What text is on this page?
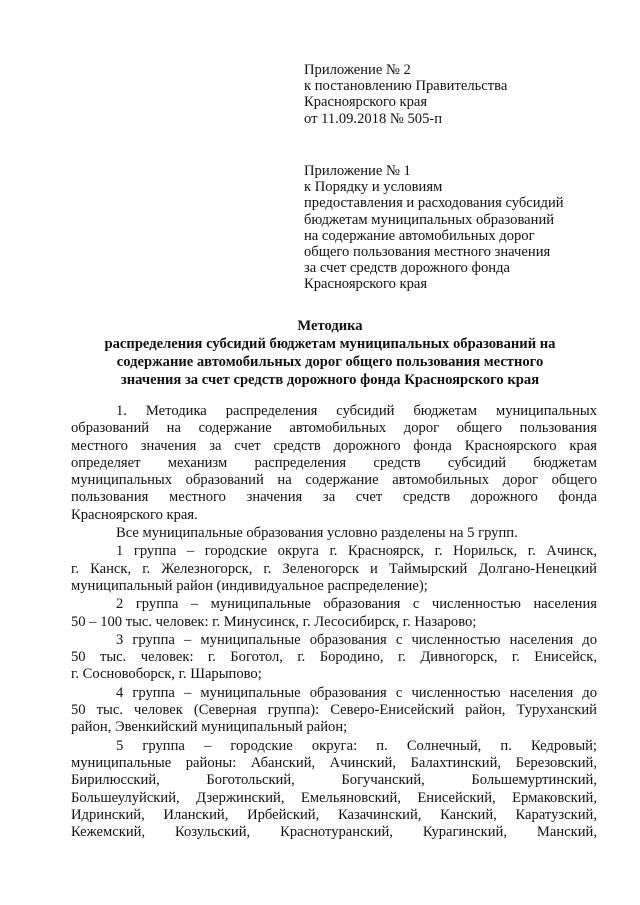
Приложение № 2
к постановлению Правительства
Красноярского края
от 11.09.2018 № 505-п
Приложение № 1
к Порядку и условиям
предоставления и расходования субсидий
бюджетам муниципальных образований
на содержание автомобильных дорог
общего пользования местного значения
за счет средств дорожного фонда
Красноярского края
Методика
распределения субсидий бюджетам муниципальных образований на
содержание автомобильных дорог общего пользования местного
значения за счет средств дорожного фонда Красноярского края
1. Методика распределения субсидий бюджетам муниципальных
образований на содержание автомобильных дорог общего пользования
местного значения за счет средств дорожного фонда Красноярского края
определяет механизм распределения средств субсидий бюджетам
муниципальных образований на содержание автомобильных дорог общего
пользования местного значения за счет средств дорожного фонда
Красноярского края.
Все муниципальные образования условно разделены на 5 групп.
1 группа – городские округа г. Красноярск, г. Норильск, г. Ачинск,
г. Канск, г. Железногорск, г. Зеленогорск и Таймырский Долгано-Ненецкий
муниципальный район (индивидуальное распределение);
2 группа – муниципальные образования с численностью населения
50 – 100 тыс. человек: г. Минусинск, г. Лесосибирск, г. Назарово;
3 группа – муниципальные образования с численностью населения до
50 тыс. человек: г. Боготол, г. Бородино, г. Дивногорск, г. Енисейск,
г. Сосновоборск, г. Шарыпово;
4 группа – муниципальные образования с численностью населения до
50 тыс. человек (Северная группа): Северо-Енисейский район, Туруханский
район, Эвенкийский муниципальный район;
5 группа – городские округа: п. Солнечный, п. Кедровый;
муниципальные районы: Абанский, Ачинский, Балахтинский, Березовский,
Бирилюсский, Боготольский, Богучанский, Большемуртинский,
Большеулуйский, Дзержинский, Емельяновский, Енисейский, Ермаковский,
Идринский, Иланский, Ирбейский, Казачинский, Канский, Каратузский,
Кежемский, Козульский, Краснотуранский, Курагинский, Манский,
